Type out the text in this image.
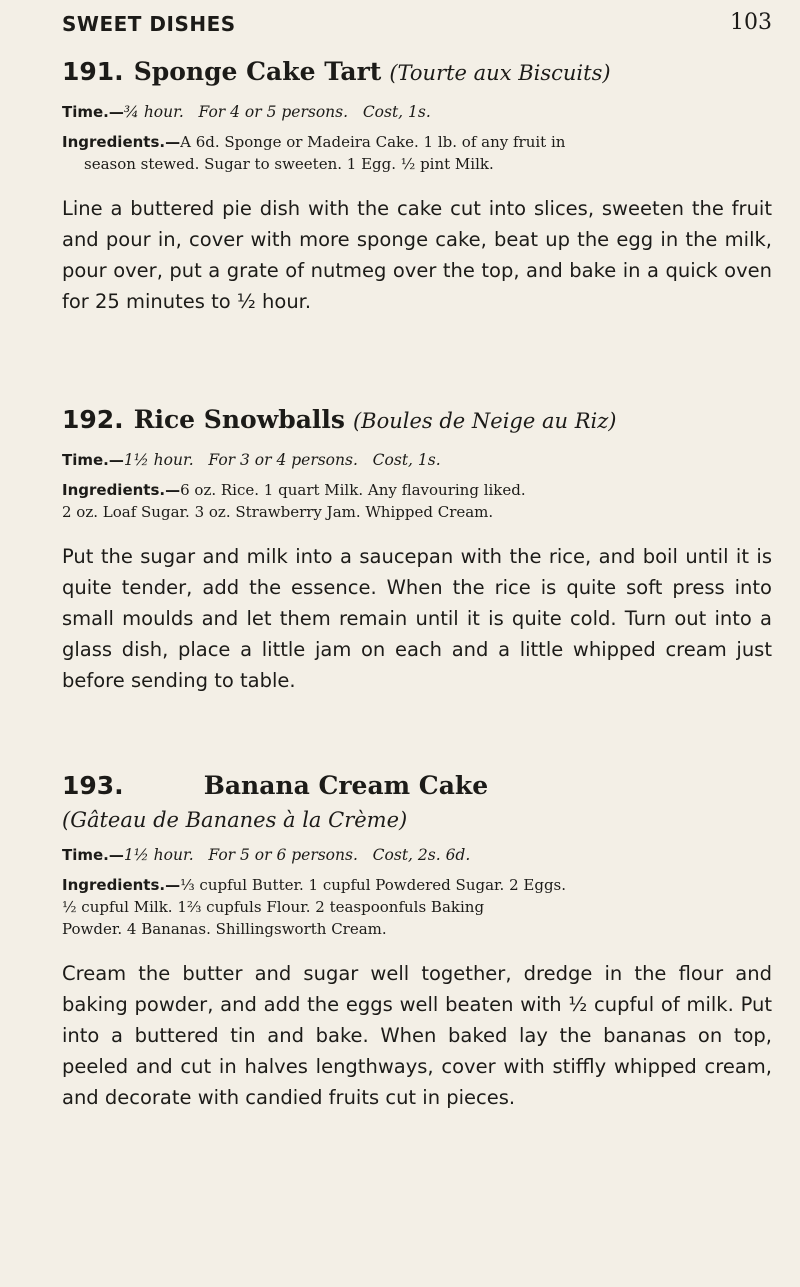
SWEET DISHES	103
191. Sponge Cake Tart (Tourte aux Biscuits)
Time.—¾ hour. For 4 or 5 persons. Cost, 1s.
Ingredients.—A 6d. Sponge or Madeira Cake. 1 lb. of any fruit in
season stewed. Sugar to sweeten. 1 Egg. ½ pint Milk.
Line a buttered pie dish with the cake cut into slices, sweeten the fruit and pour in, cover with more sponge cake, beat up the egg in the milk, pour over, put a grate of nutmeg over the top, and bake in a quick oven for 25 minutes to ½ hour.
192. Rice Snowballs (Boules de Neige au Riz)
Time.—1½ hour. For 3 or 4 persons. Cost, 1s.
Ingredients.—6 oz. Rice. 1 quart Milk. Any flavouring liked.
2 oz. Loaf Sugar. 3 oz. Strawberry Jam. Whipped Cream.
Put the sugar and milk into a saucepan with the rice, and boil until it is quite tender, add the essence. When the rice is quite soft press into small moulds and let them remain until it is quite cold. Turn out into a glass dish, place a little jam on each and a little whipped cream just before sending to table.
193.	Banana Cream Cake
(Gâteau de Bananes à la Crème)
Time.—1½ hour. For 5 or 6 persons. Cost, 2s. 6d.
Ingredients.—⅓ cupful Butter. 1 cupful Powdered Sugar. 2 Eggs.
½ cupful Milk. 1⅔ cupfuls Flour. 2 teaspoonfuls Baking
Powder. 4 Bananas. Shillingsworth Cream.
Cream the butter and sugar well together, dredge in the flour and baking powder, and add the eggs well beaten with ½ cupful of milk. Put into a buttered tin and bake. When baked lay the bananas on top, peeled and cut in halves lengthways, cover with stiffly whipped cream, and decorate with candied fruits cut in pieces.
